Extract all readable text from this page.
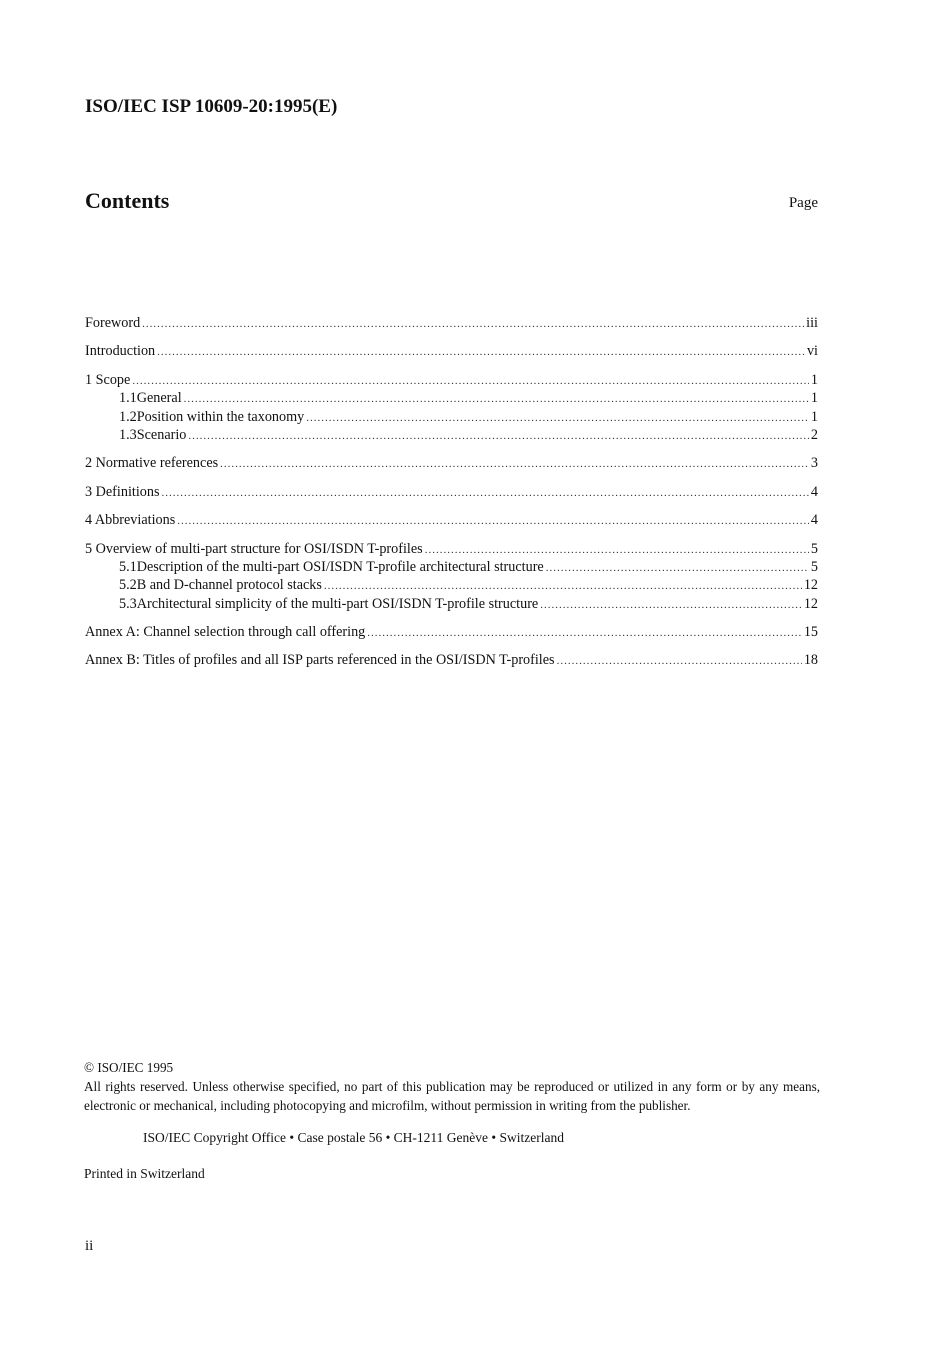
ISO/IEC ISP 10609-20:1995(E)
Contents	Page
Foreword .....	iii
Introduction .....	vi
1 Scope .....	1
1.1 General .....	1
1.2 Position within the taxonomy .....	1
1.3 Scenario .....	2
2 Normative references .....	3
3 Definitions .....	4
4 Abbreviations .....	4
5 Overview of multi-part structure for OSI/ISDN T-profiles .....	5
5.1 Description of the multi-part OSI/ISDN T-profile architectural structure .....	5
5.2 B and D-channel protocol stacks .....	12
5.3 Architectural simplicity of the multi-part OSI/ISDN T-profile structure .....	12
Annex A: Channel selection through call offering .....	15
Annex B: Titles of profiles and all ISP parts referenced in the OSI/ISDN T-profiles .....	18
© ISO/IEC 1995
All rights reserved. Unless otherwise specified, no part of this publication may be reproduced or utilized in any form or by any means, electronic or mechanical, including photocopying and microfilm, without permission in writing from the publisher.
ISO/IEC Copyright Office • Case postale 56 • CH-1211 Genève • Switzerland
Printed in Switzerland
ii
